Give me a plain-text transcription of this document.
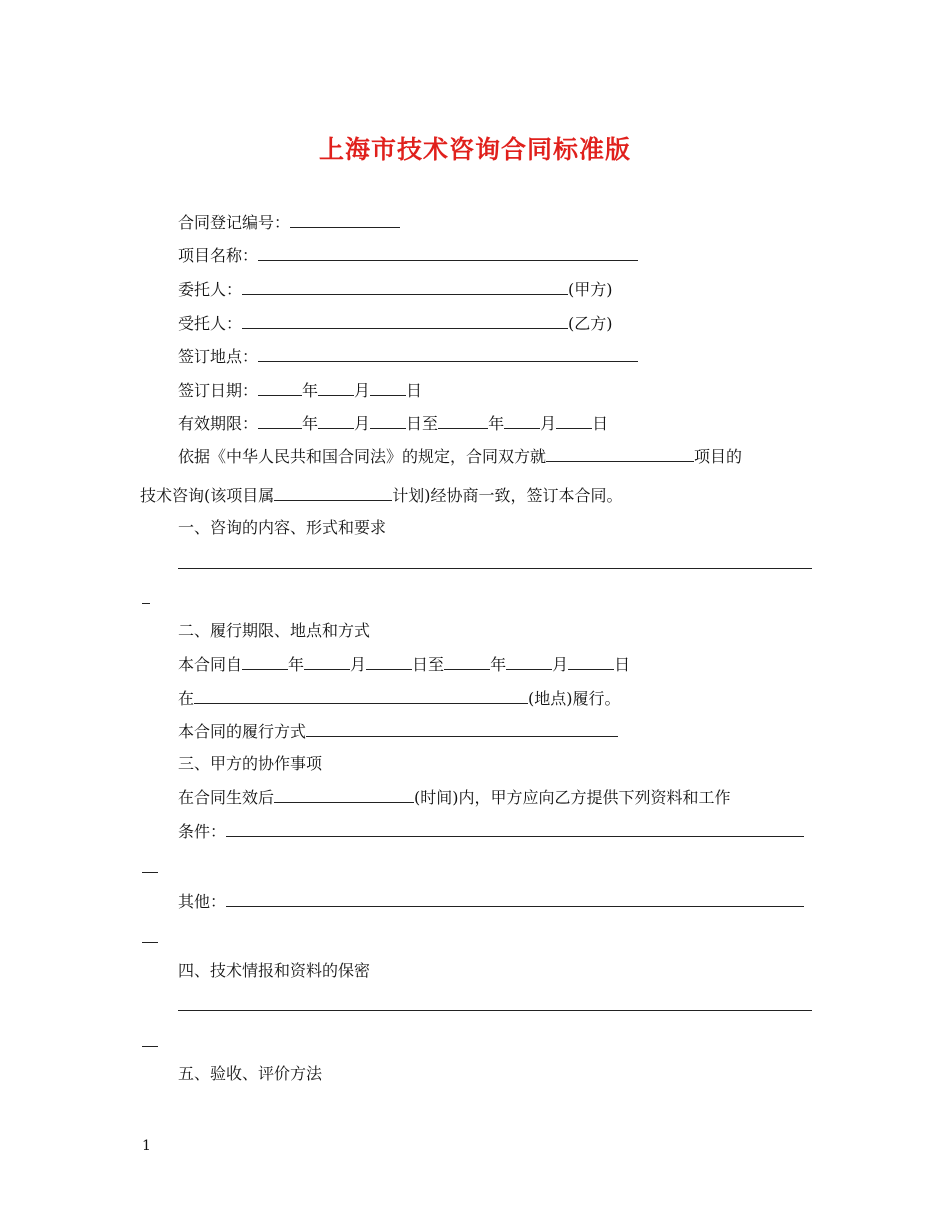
上海市技术咨询合同标准版
合同登记编号：
项目名称：
委托人：	(甲方)
受托人：	(乙方)
签订地点：
签订日期：	年 月 日
有效期限：	年 月 日至	年 月 日
依据《中华人民共和国合同法》的规定，合同双方就	项目的
技术咨询(该项目属	计划)经协商一致，签订本合同。
一、咨询的内容、形式和要求
二、履行期限、地点和方式
本合同自	年	月	日至	年	月	日
在	(地点)履行。
本合同的履行方式
三、甲方的协作事项
在合同生效后	(时间)内，甲方应向乙方提供下列资料和工作
条件：
其他：
四、技术情报和资料的保密
五、验收、评价方法
1
